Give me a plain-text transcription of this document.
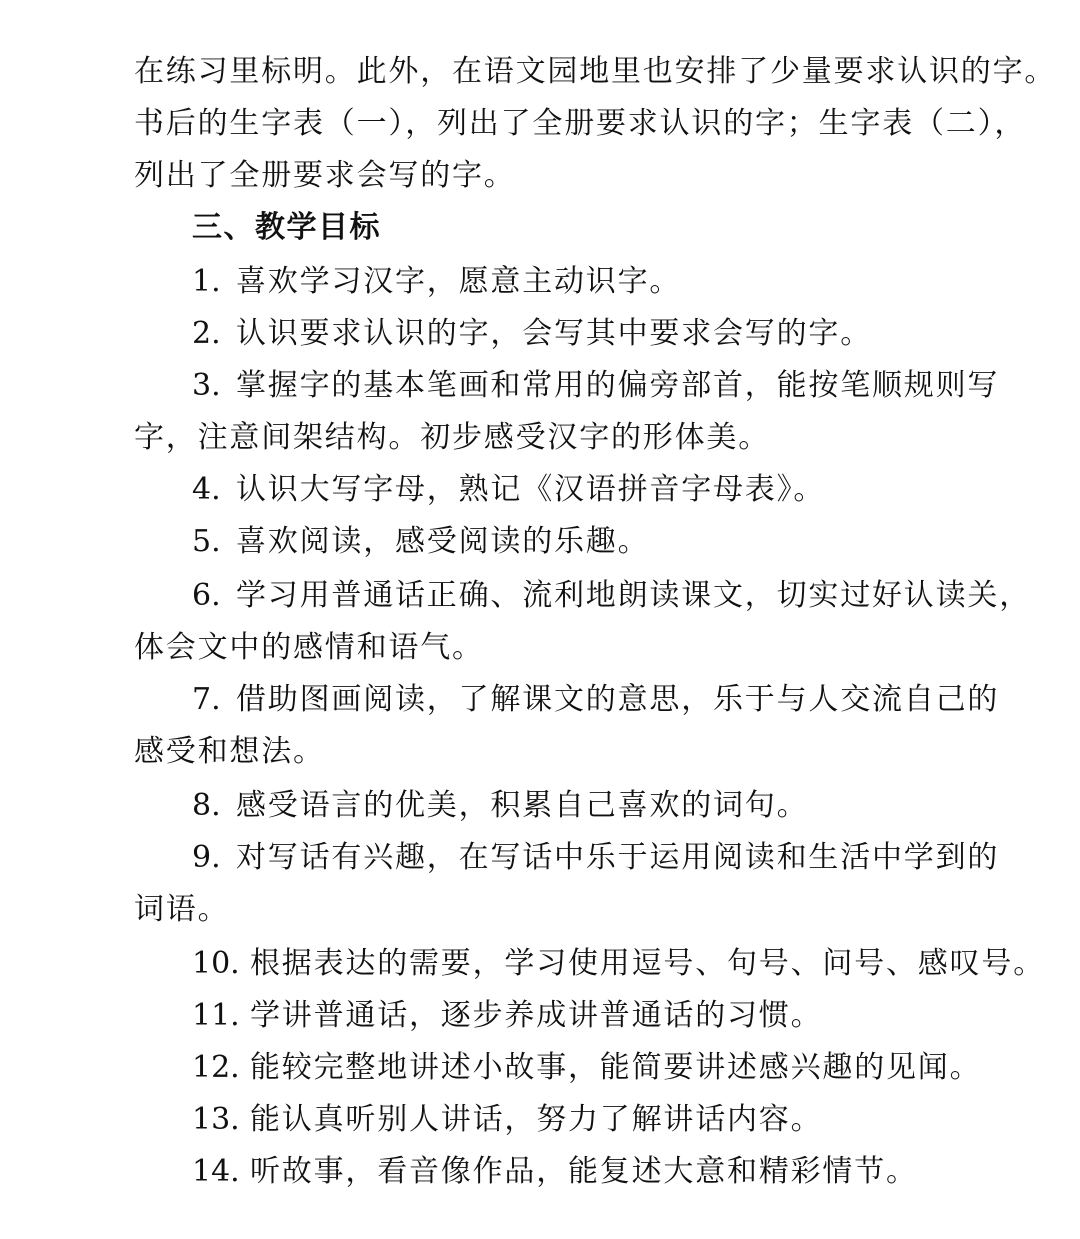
在练习里标明。此外，在语文园地里也安排了少量要求认识的字。
书后的生字表（一），列出了全册要求认识的字；生字表（二），
列出了全册要求会写的字。
三、教学目标
1. 喜欢学习汉字，愿意主动识字。
2. 认识要求认识的字，会写其中要求会写的字。
3. 掌握字的基本笔画和常用的偏旁部首，能按笔顺规则写
字，注意间架结构。初步感受汉字的形体美。
4. 认识大写字母，熟记《汉语拼音字母表》。
5. 喜欢阅读，感受阅读的乐趣。
6. 学习用普通话正确、流利地朗读课文，切实过好认读关，
体会文中的感情和语气。
7. 借助图画阅读，了解课文的意思，乐于与人交流自己的
感受和想法。
8. 感受语言的优美，积累自己喜欢的词句。
9. 对写话有兴趣，在写话中乐于运用阅读和生活中学到的
词语。
10. 根据表达的需要，学习使用逗号、句号、问号、感叹号。
11. 学讲普通话，逐步养成讲普通话的习惯。
12. 能较完整地讲述小故事，能简要讲述感兴趣的见闻。
13. 能认真听别人讲话，努力了解讲话内容。
14. 听故事，看音像作品，能复述大意和精彩情节。
